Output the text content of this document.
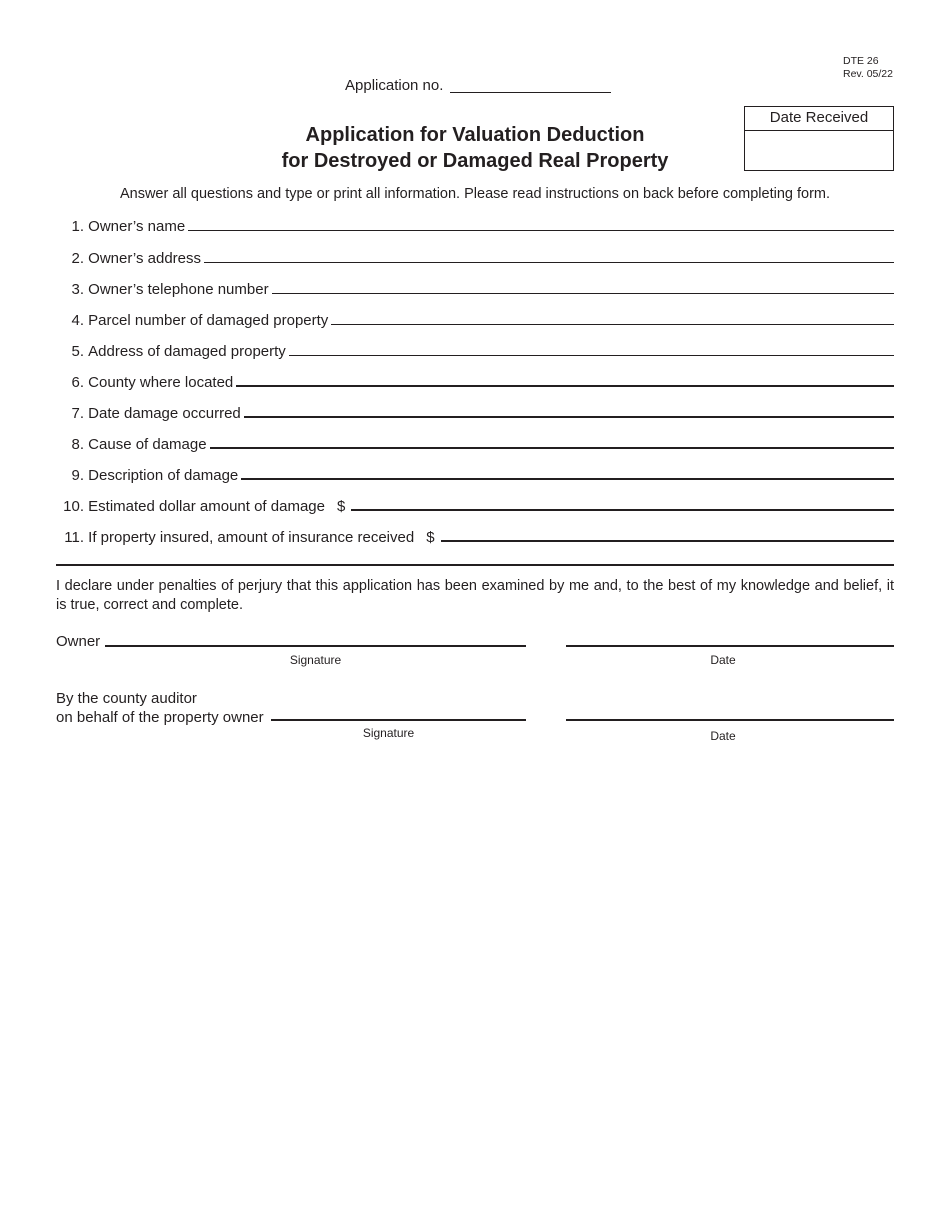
DTE 26
Rev. 05/22
Application no.
Date Received
Application for Valuation Deduction
for Destroyed or Damaged Real Property
Answer all questions and type or print all information. Please read instructions on back before completing form.
1.
Owner’s name
2.
Owner’s address
3.
Owner’s telephone number
4.
Parcel number of damaged property
5.
Address of damaged property
6.
County where located
7.
Date damage occurred
8.
Cause of damage
9.
Description of damage
10.
Estimated dollar amount of damage $
11.
If property insured, amount of insurance received $
I declare under penalties of perjury that this application has been examined by me and, to the best of my knowledge and belief, it is true, correct and complete.
Owner
Signature	Date
By the county auditor
on behalf of the property owner
Signature	Date
